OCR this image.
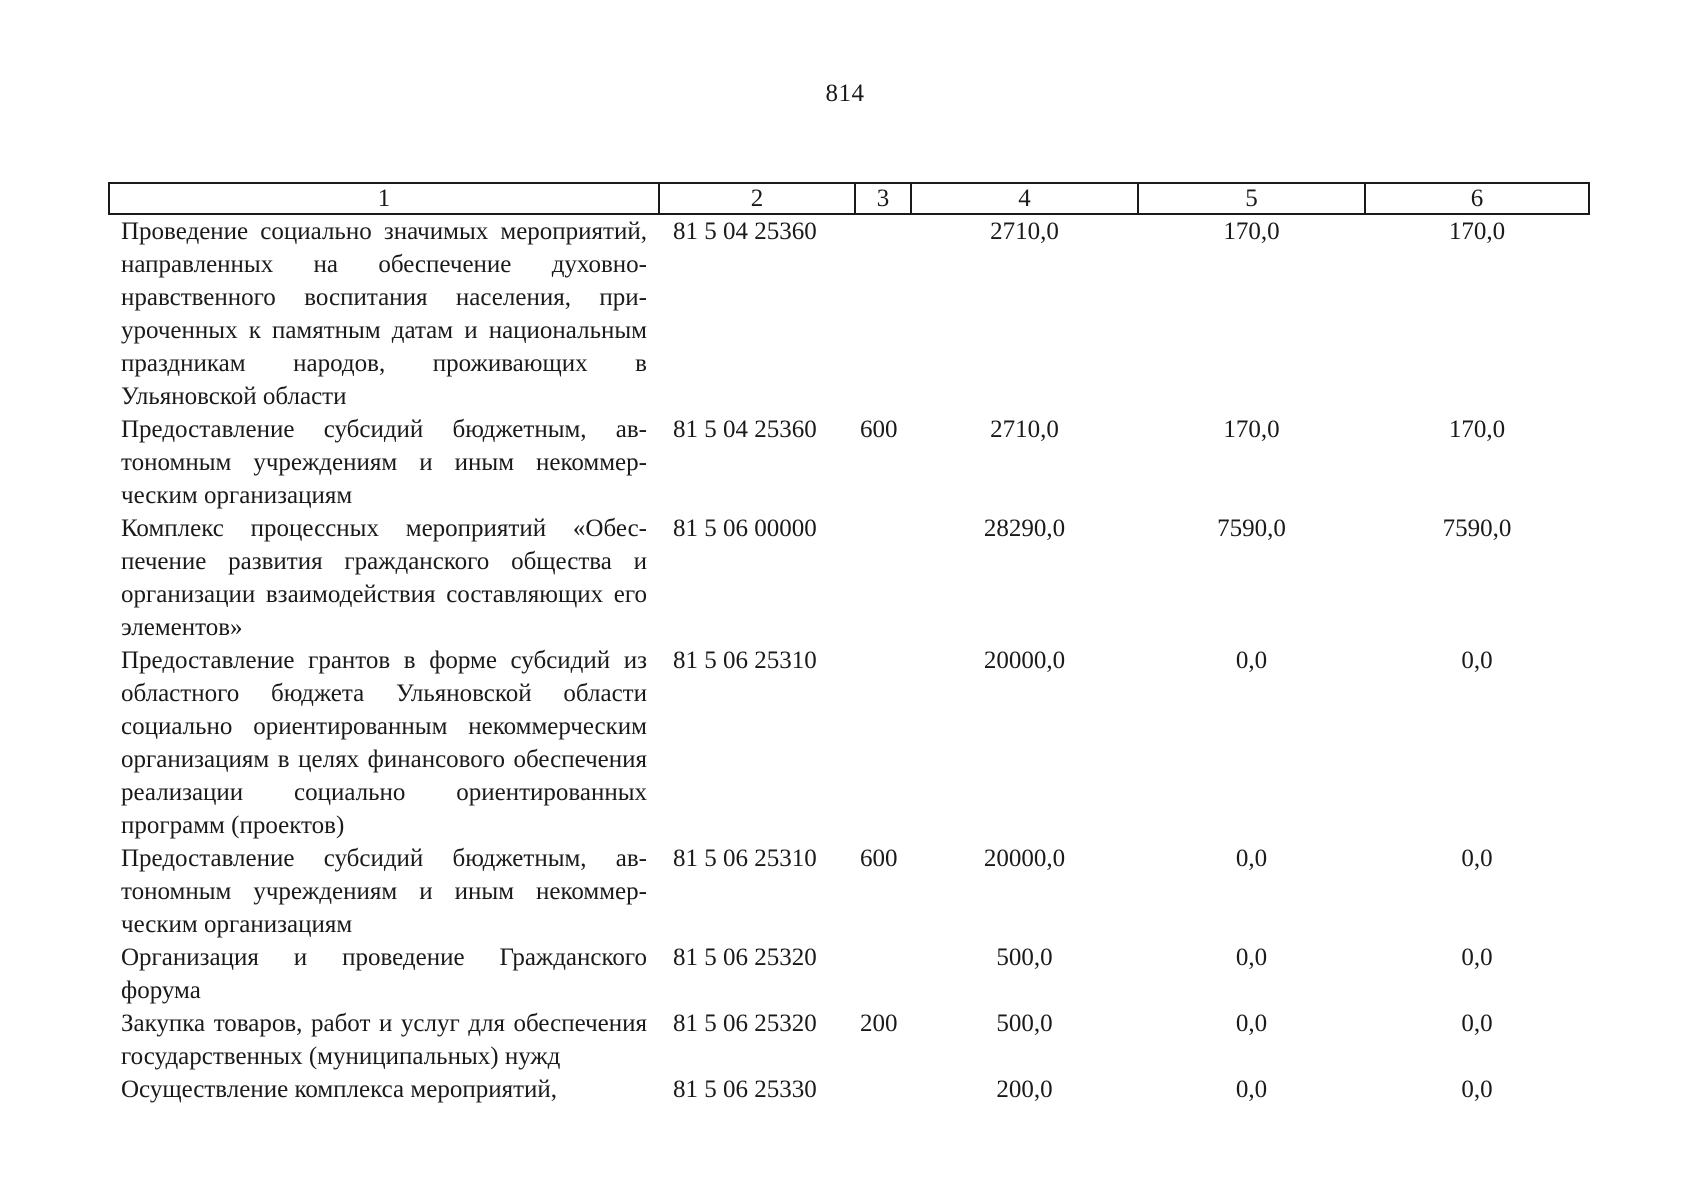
814
1	2	3	4	5	6
Проведение социально значимых мероприятий, направленных на обеспечение духовно-нравственного воспитания населения, приуроченных к памятным датам и национальным праздникам народов, проживающих в Ульяновской области	81 5 04 25360		2710,0	170,0	170,0
Предоставление субсидий бюджетным, автономным учреждениям и иным некоммерческим организациям	81 5 04 25360	600	2710,0	170,0	170,0
Комплекс процессных мероприятий «Обеспечение развития гражданского общества и организации взаимодействия составляющих его элементов»	81 5 06 00000		28290,0	7590,0	7590,0
Предоставление грантов в форме субсидий из областного бюджета Ульяновской области социально ориентированным некоммерческим организациям в целях финансового обеспечения реализации социально ориентированных программ (проектов)	81 5 06 25310		20000,0	0,0	0,0
Предоставление субсидий бюджетным, автономным учреждениям и иным некоммерческим организациям	81 5 06 25310	600	20000,0	0,0	0,0
Организация и проведение Гражданского форума	81 5 06 25320		500,0	0,0	0,0
Закупка товаров, работ и услуг для обеспечения государственных (муниципальных) нужд	81 5 06 25320	200	500,0	0,0	0,0
Осуществление комплекса мероприятий,	81 5 06 25330		200,0	0,0	0,0
